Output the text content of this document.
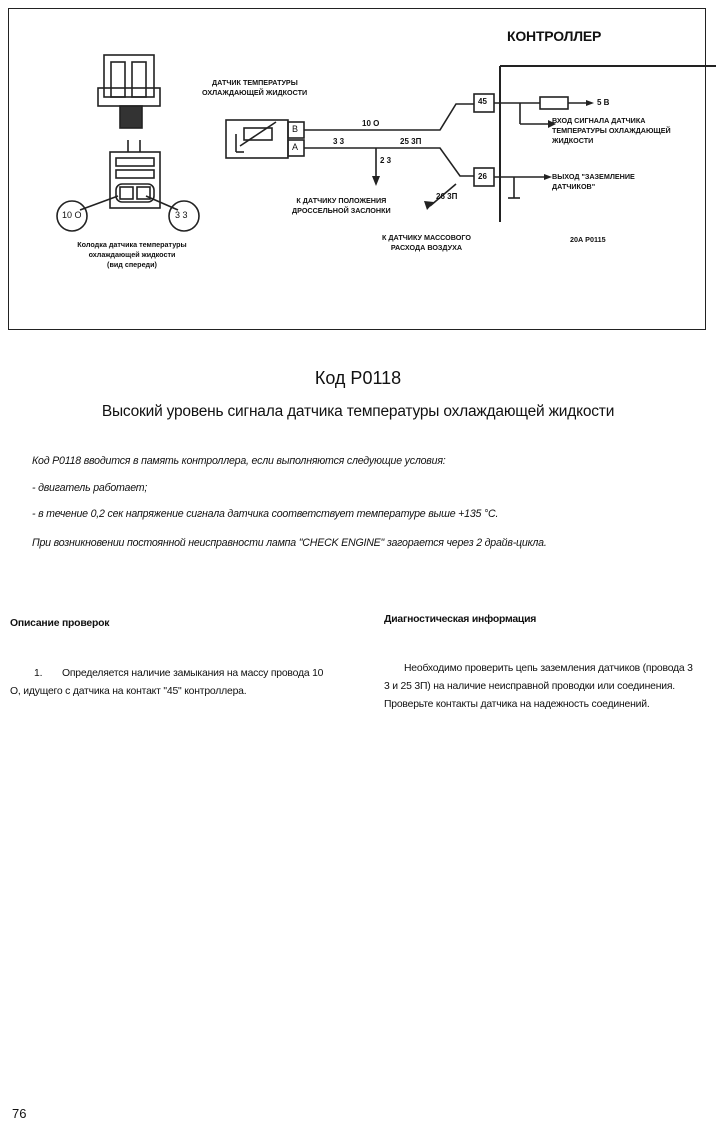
КОНТРОЛЛЕР
ДАТЧИК ТЕМПЕРАТУРЫ
ОХЛАЖДАЮЩЕЙ ЖИДКОСТИ
B
A
10 О
3 3	25 3П
2 3
26 3П
45
26
5 В
ВХОД СИГНАЛА ДАТЧИКА
ТЕМПЕРАТУРЫ ОХЛАЖДАЮЩЕЙ
ЖИДКОСТИ
ВЫХОД "ЗАЗЕМЛЕНИЕ
ДАТЧИКОВ"
К ДАТЧИКУ ПОЛОЖЕНИЯ
ДРОССЕЛЬНОЙ ЗАСЛОНКИ
К ДАТЧИКУ МАССОВОГО
РАСХОДА ВОЗДУХА
20А Р0115
10 О	3 3
Колодка датчика температуры
охлаждающей жидкости
(вид спереди)
Код Р0118
Высокий уровень сигнала датчика температуры охлаждающей жидкости
Код Р0118 вводится в память контроллера, если выполняются следующие условия:
- двигатель работает;
- в течение 0,2 сек напряжение сигнала датчика соответствует температуре выше +135 °С.
При возникновении постоянной неисправности лампа "CHECK ENGINE" загорается через 2 драйв-цикла.
Описание проверок
1. Определяется наличие замыкания на массу провода 10
О, идущего с датчика на контакт "45" контроллера.
Диагностическая информация
Необходимо проверить цепь заземления датчиков (провода 3
3 и 25 3П) на наличие неисправной проводки или соединения.
Проверьте контакты датчика на надежность соединений.
76
